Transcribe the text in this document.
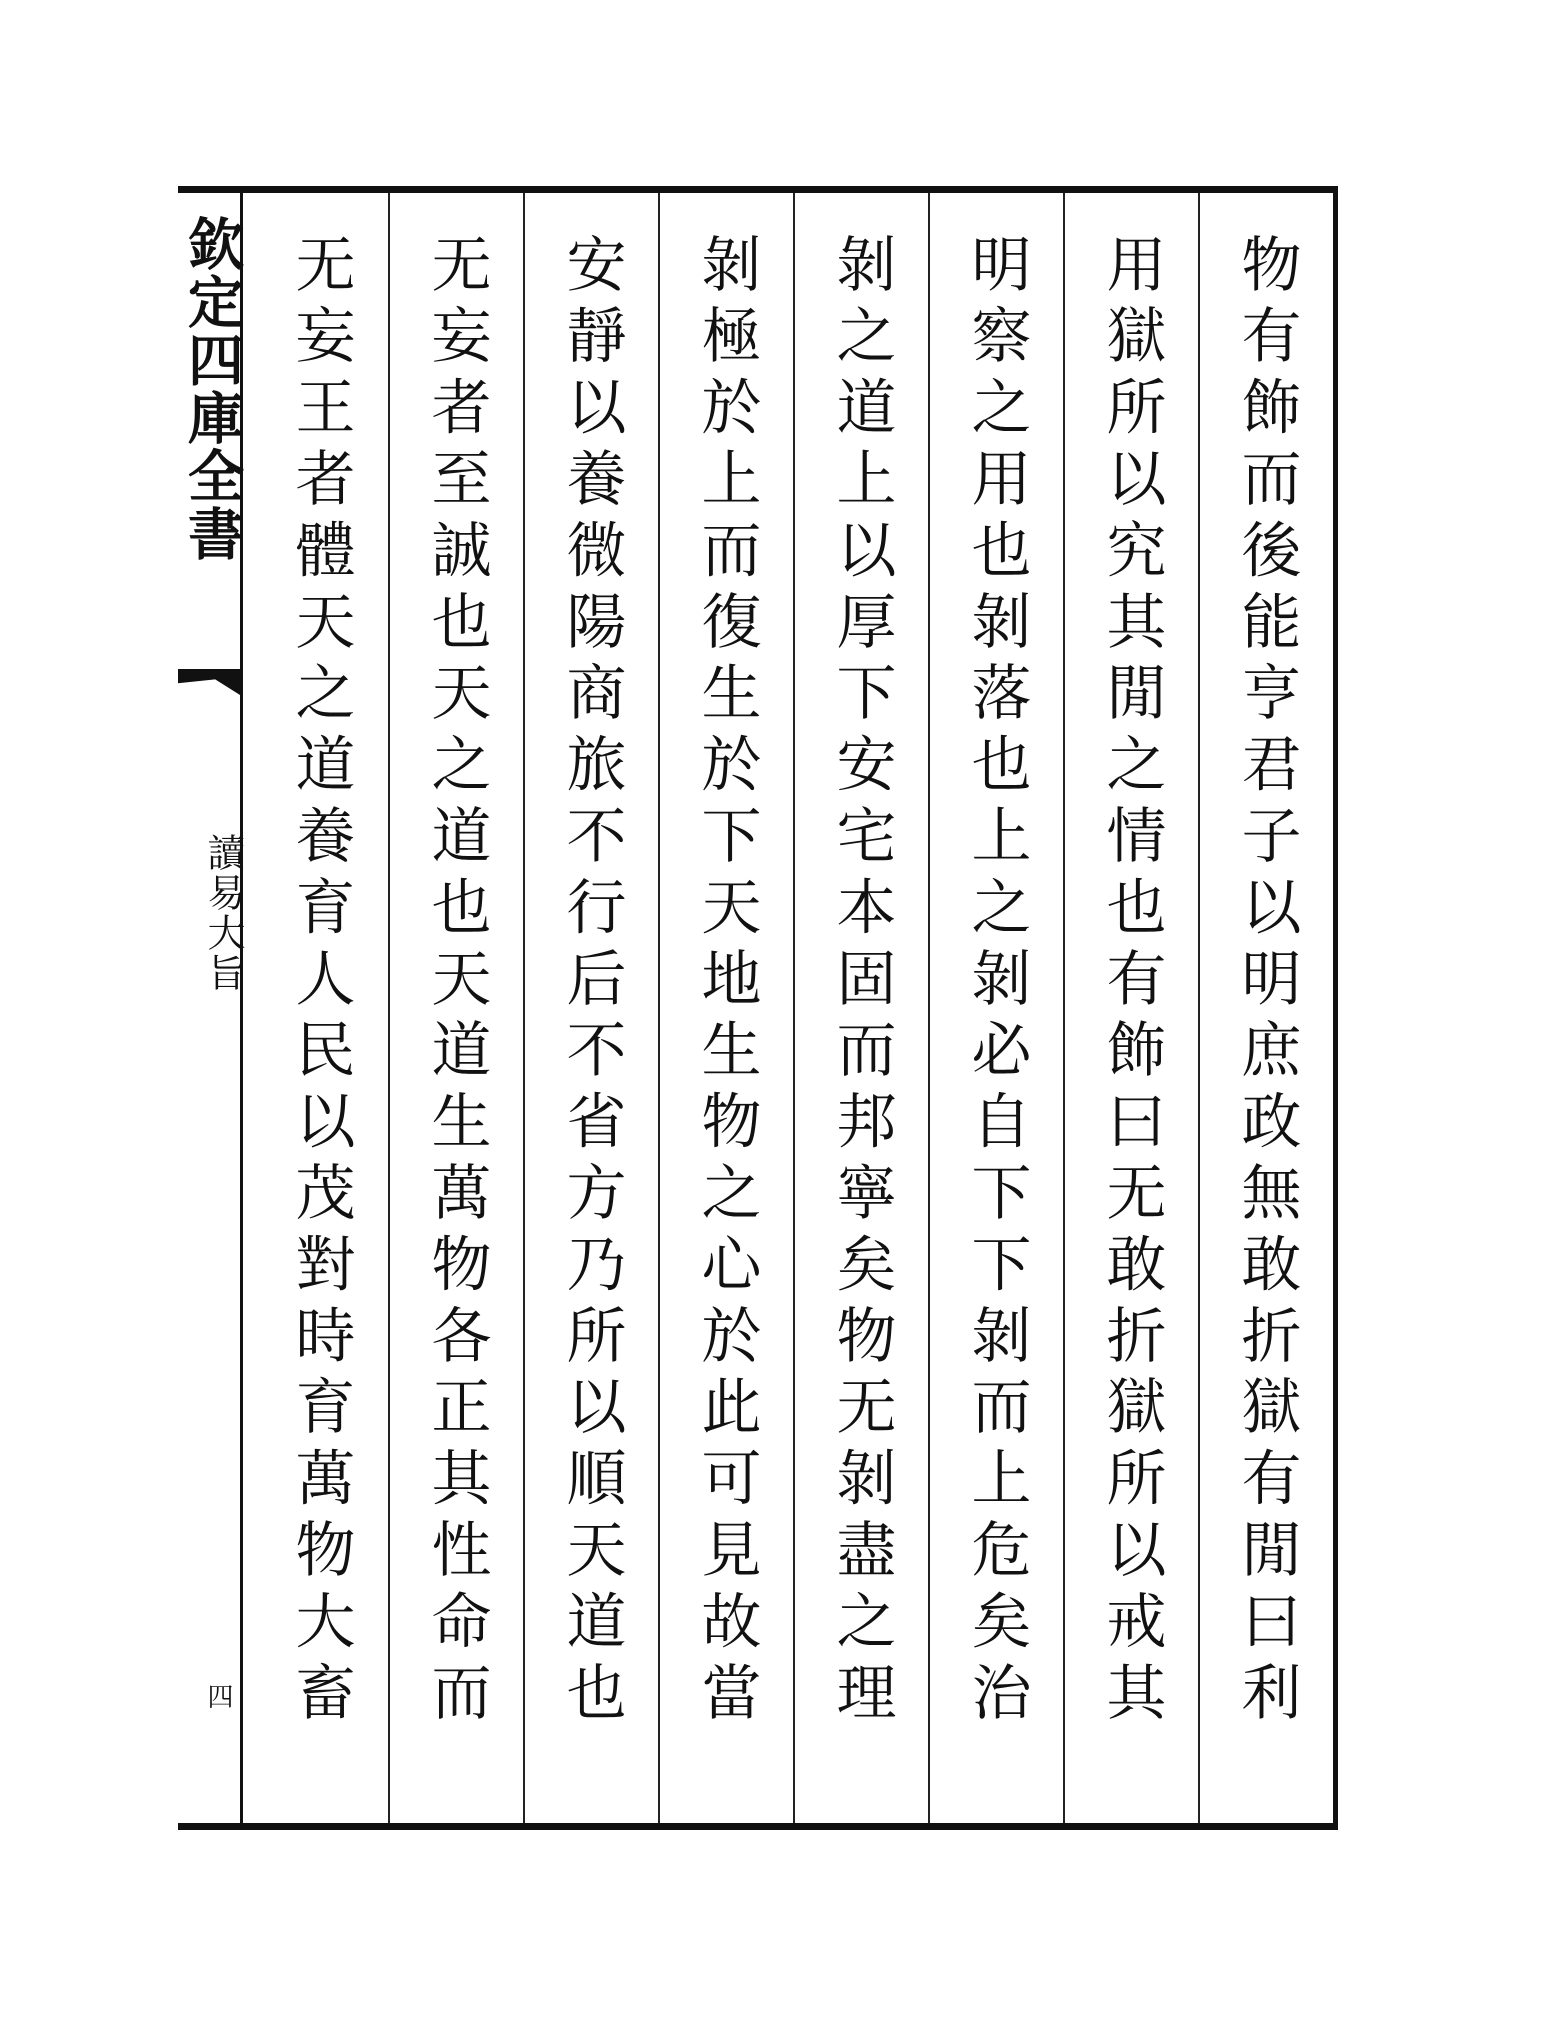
欽定四庫全書
讀易大旨
四	物有飾而後能亨君子以明庶政無敢折獄有閒曰利
用獄所以究其閒之情也有飾曰无敢折獄所以戒其
明察之用也剝落也上之剝必自下下剝而上危矣治
剝之道上以厚下安宅本固而邦寧矣物无剝盡之理
剝極於上而復生於下天地生物之心於此可見故當
安靜以養微陽商旅不行后不省方乃所以順天道也
无妄者至誠也天之道也天道生萬物各正其性命而
无妄王者體天之道養育人民以茂對時育萬物大畜
